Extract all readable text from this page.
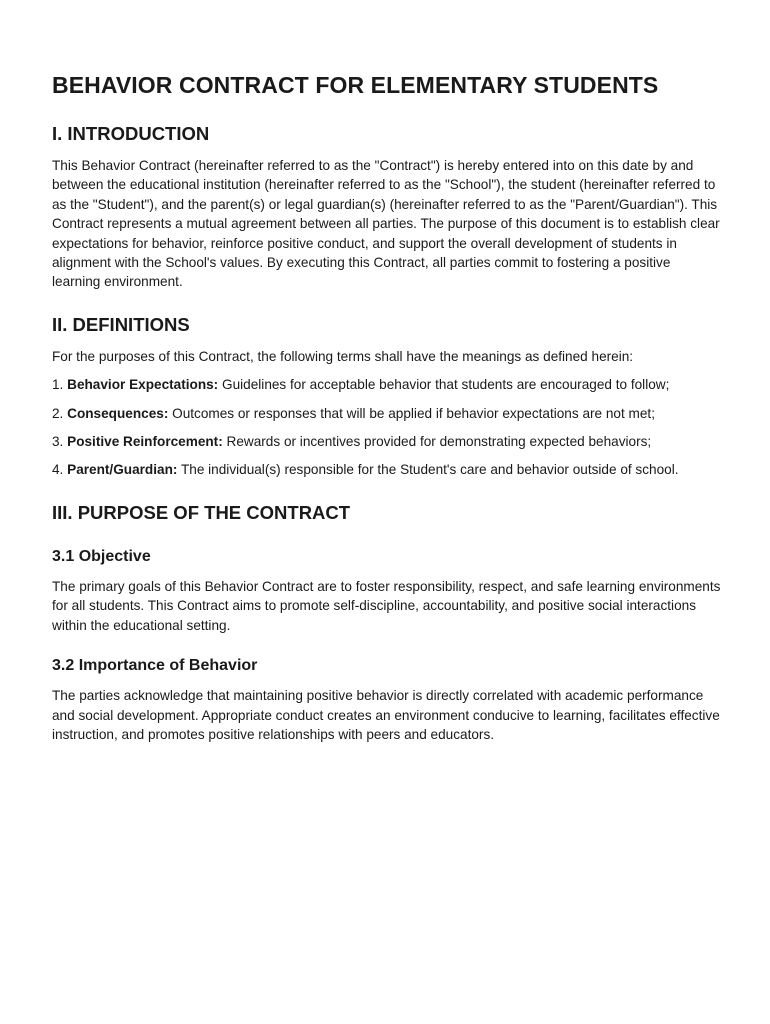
BEHAVIOR CONTRACT FOR ELEMENTARY STUDENTS
I. INTRODUCTION

This Behavior Contract (hereinafter referred to as the "Contract") is hereby entered into on this date by and between the educational institution (hereinafter referred to as the "School"), the student (hereinafter referred to as the "Student"), and the parent(s) or legal guardian(s) (hereinafter referred to as the "Parent/Guardian"). This Contract represents a mutual agreement between all parties. The purpose of this document is to establish clear expectations for behavior, reinforce positive conduct, and support the overall development of students in alignment with the School's values. By executing this Contract, all parties commit to fostering a positive learning environment.

II. DEFINITIONS

For the purposes of this Contract, the following terms shall have the meanings as defined herein:

1. Behavior Expectations: Guidelines for acceptable behavior that students are encouraged to follow;

2. Consequences: Outcomes or responses that will be applied if behavior expectations are not met;

3. Positive Reinforcement: Rewards or incentives provided for demonstrating expected behaviors;

4. Parent/Guardian: The individual(s) responsible for the Student's care and behavior outside of school.

III. PURPOSE OF THE CONTRACT
3.1 Objective

The primary goals of this Behavior Contract are to foster responsibility, respect, and safe learning environments for all students. This Contract aims to promote self-discipline, accountability, and positive social interactions within the educational setting.

3.2 Importance of Behavior

The parties acknowledge that maintaining positive behavior is directly correlated with academic performance and social development. Appropriate conduct creates an environment conducive to learning, facilitates effective instruction, and promotes positive relationships with peers and educators.
